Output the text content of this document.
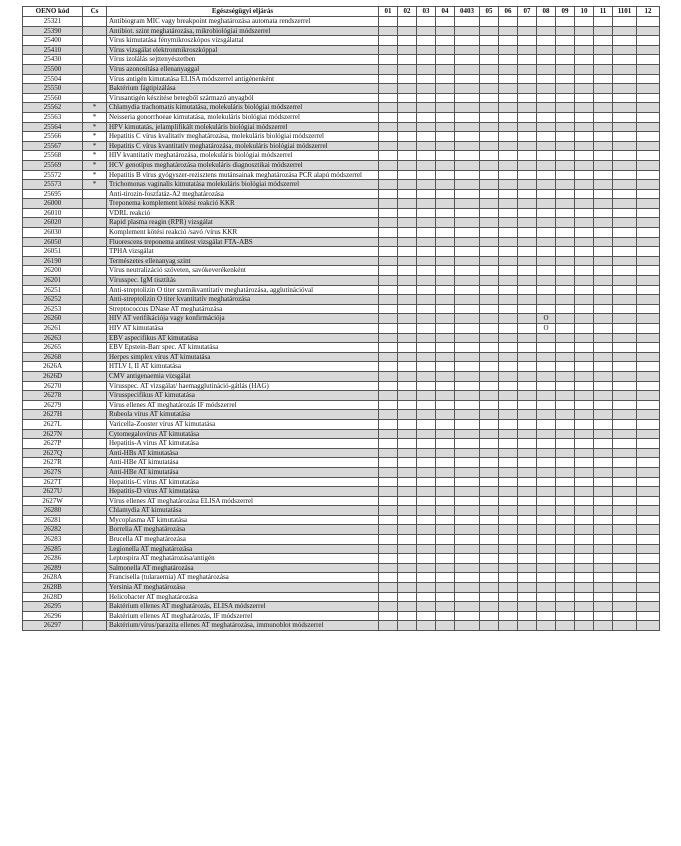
OENO kód	Cs	Egészségügyi eljárás	01	02	03	04	0403	05	06	07	08	09	10	11	1101	12
25321		Antibiogram MIC vagy breakpoint meghatározása automata rendszerrel														
25390		Antibiot. szint meghatározása, mikrobiológiai módszerrel														
25400		Vírus kimutatása fénymikroszkópos vizsgálattal														
25410		Vírus vizsgálat elektronmikroszkóppal														
25430		Vírus izolálás sejttenyészetben														
25500		Vírus azonosítása ellenanyaggal														
25504		Vírus antigén kimutatása ELISA módszerrel antigénenként														
25550		Baktérium fágtipizálása														
25560		Vírusantigén készítése betegből származó anyagból														
25562	*	Chlamydia trachomatis kimutatása, molekuláris biológiai módszerrel														
25563	*	Neisseria gonorrhoeae kimutatása, molekuláris biológiai módszerrel														
25564	*	HPV kimutatás, jelamplifikált molekuláris biológiai módszerrel														
25566	*	Hepatitis C vírus kvalitatív meghatározása, molekuláris biológiai módszerrel														
25567	*	Hepatitis C vírus kvantitatív meghatározása, molekuláris biológiai módszerrel														
25568	*	HIV kvantitatív meghatározása, molekuláris biológiai módszerrel														
25569	*	HCV genotípus meghatározása molekuláris diagnosztikai módszerrel														
25572	*	Hepatitis B vírus gyógyszer-rezisztens mutánsainak meghatározása PCR alapú módszerrel														
25573	*	Trichomonas vaginalis kimutatása molekuláris biológiai módszerrel														
25695		Anti-tirozin-foszfatáz-A2 meghatározása														
26000		Treponema komplement kötési reakció KKR														
26010		VDRL reakció														
26020		Rapid plasma reagin (RPR) vizsgálat														
26030		Komplement kötési reakció /savó /vírus KKR														
26050		Fluorescens treponema antitest vizsgálat FTA-ABS														
26051		TPHA vizsgálat														
26190		Természetes ellenanyag szint														
26200		Vírus neutralizáció szöveten, savókeverékenként														
26201		Vírusspec. IgM tisztítás														
26251		Anti-streptolizin O titer szemikvantitatív meghatározása, agglutinációval														
26252		Anti-streptolizin O titer kvantitatív meghatározása														
26253		Streptococcus DNase AT meghatározása														
26260		HIV AT verifikációja vagy konfirmációja									O					
26261		HIV AT kimutatása									O					
26263		EBV aspecifikus AT kimutatása														
26265		EBV Epstein-Barr spec. AT kimutatása														
26268		Herpes simplex vírus AT kimutatása														
2626A		HTLV I, II AT kimutatása														
2626D		CMV antigenaemia vizsgálat														
26270		Vírusspec. AT vizsgálat/ haemagglutináció-gátlás (HAG)														
26278		Vírusspecifikus AT kimutatása														
26279		Vírus ellenes AT meghatározás IF módszerrel														
2627H		Rubeola vírus AT kimutatása														
2627L		Varicella-Zooster vírus AT kimutatása														
2627N		Cytomegalovírus AT kimutatása														
2627P		Hepatitis-A vírus AT kimutatása														
2627Q		Anti-HBs AT kimutatása														
2627R		Anti-HBe AT kimutatása														
2627S		Anti-HBe AT kimutatása														
2627T		Hepatitis-C vírus AT kimutatása														
2627U		Hepatitis-D vírus AT kimutatása														
2627W		Vírus ellenes AT meghatározása ELISA módszerrel														
26280		Chlamydia AT kimutatása														
26281		Mycoplasma AT kimutatása														
26282		Borrelia AT meghatározása														
26283		Brucella AT meghatározása														
26285		Legionella AT meghatározása														
26286		Leptospira AT meghatározása/antigén														
26289		Salmonella AT meghatározása														
2628A		Francisella (tularaemia) AT meghatározása														
2628B		Yersinia AT meghatározása														
2628D		Helicobacter AT meghatározása														
26295		Baktérium ellenes AT meghatározás, ELISA módszerrel														
26296		Baktérium ellenes AT meghatározás, IF módszerrel														
26297		Baktérium/vírus/parazita ellenes AT meghatározása, immunoblot módszerrel														
